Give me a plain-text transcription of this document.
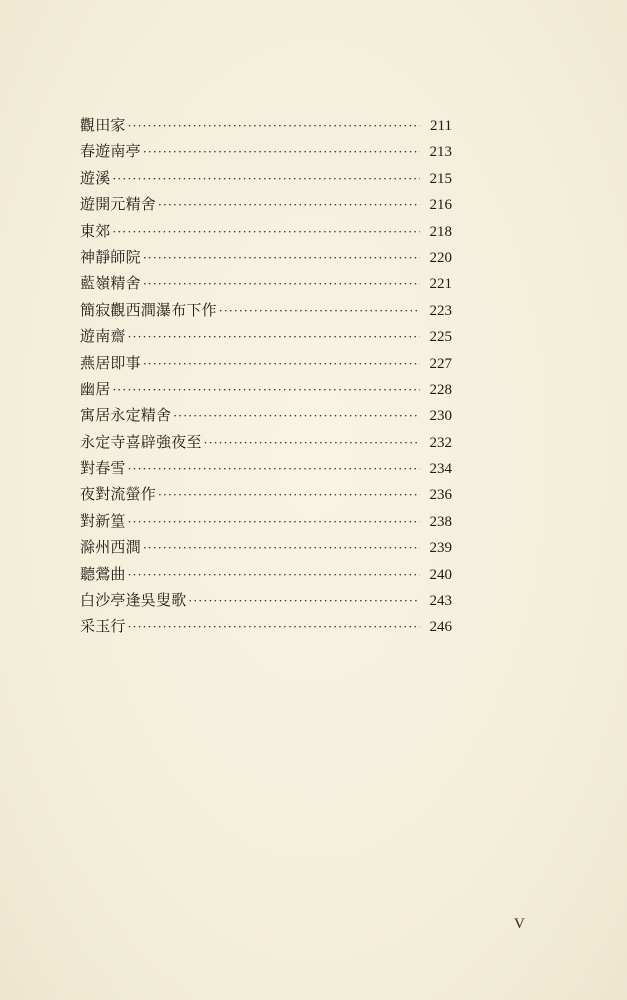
觀田家 ·····	211
春遊南亭 ·····	213
遊溪 ·····	215
遊開元精舍 ·····	216
東郊 ·····	218
神靜師院 ·····	220
藍嶺精舍 ·····	221
簡寂觀西澗瀑布下作 ·····	223
遊南齋 ·····	225
燕居即事 ·····	227
幽居 ·····	228
寓居永定精舍 ·····	230
永定寺喜辟強夜至 ·····	232
對春雪 ·····	234
夜對流螢作 ·····	236
對新篁 ·····	238
滁州西澗 ·····	239
聽鶯曲 ·····	240
白沙亭逢吳叟歌 ·····	243
采玉行 ·····	246
V
